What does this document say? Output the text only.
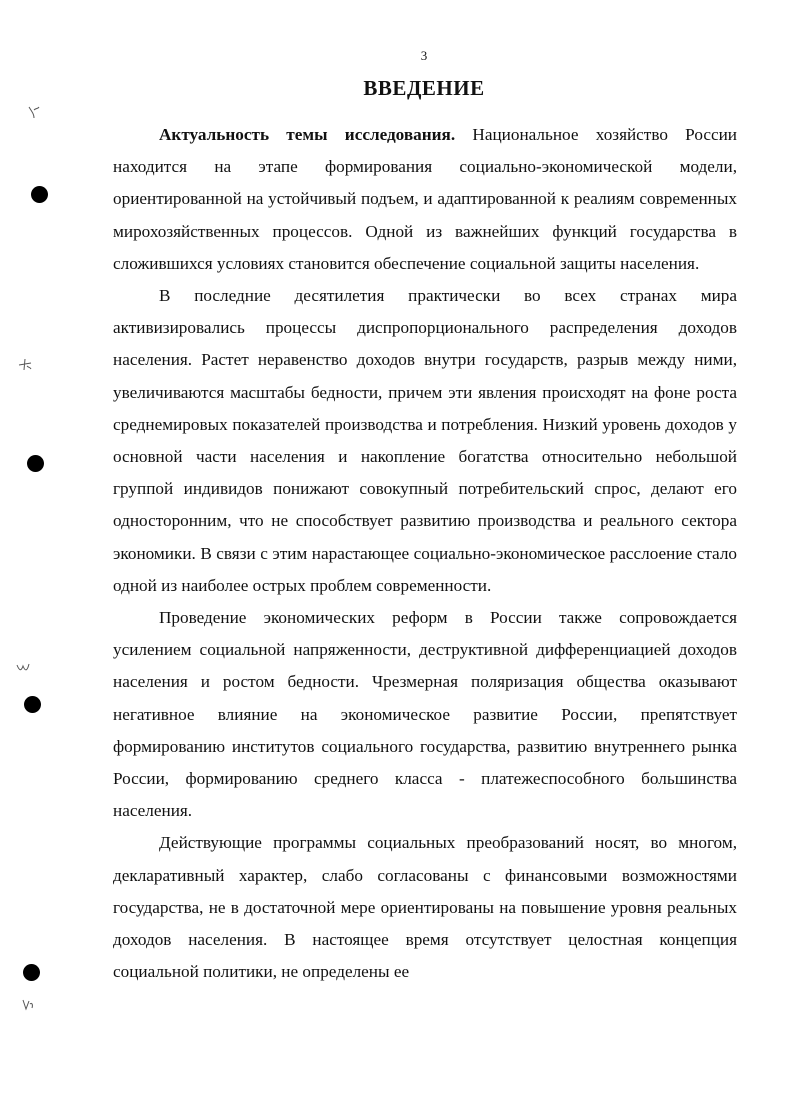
3
ВВЕДЕНИЕ

Актуальность темы исследования. Национальное хозяйство России находится на этапе формирования социально-экономической модели, ориентированной на устойчивый подъем, и адаптированной к реалиям современных мирохозяйственных процессов. Одной из важнейших функций государства в сложившихся условиях становится обеспечение социальной защиты населения.

В последние десятилетия практически во всех странах мира активизировались процессы диспропорционального распределения доходов населения. Растет неравенство доходов внутри государств, разрыв между ними, увеличиваются масштабы бедности, причем эти явления происходят на фоне роста среднемировых показателей производства и потребления. Низкий уровень доходов у основной части населения и накопление богатства относительно небольшой группой индивидов понижают совокупный потребительский спрос, делают его односторонним, что не способствует развитию производства и реального сектора экономики. В связи с этим нарастающее социально-экономическое расслоение стало одной из наиболее острых проблем современности.

Проведение экономических реформ в России также сопровождается усилением социальной напряженности, деструктивной дифференциацией доходов населения и ростом бедности. Чрезмерная поляризация общества оказывают негативное влияние на экономическое развитие России, препятствует формированию институтов социального государства, развитию внутреннего рынка России, формированию среднего класса - платежеспособного большинства населения.

Действующие программы социальных преобразований носят, во многом, декларативный характер, слабо согласованы с финансовыми возможностями государства, не в достаточной мере ориентированы на повышение уровня реальных доходов населения. В настоящее время отсутствует целостная концепция социальной политики, не определены ее
